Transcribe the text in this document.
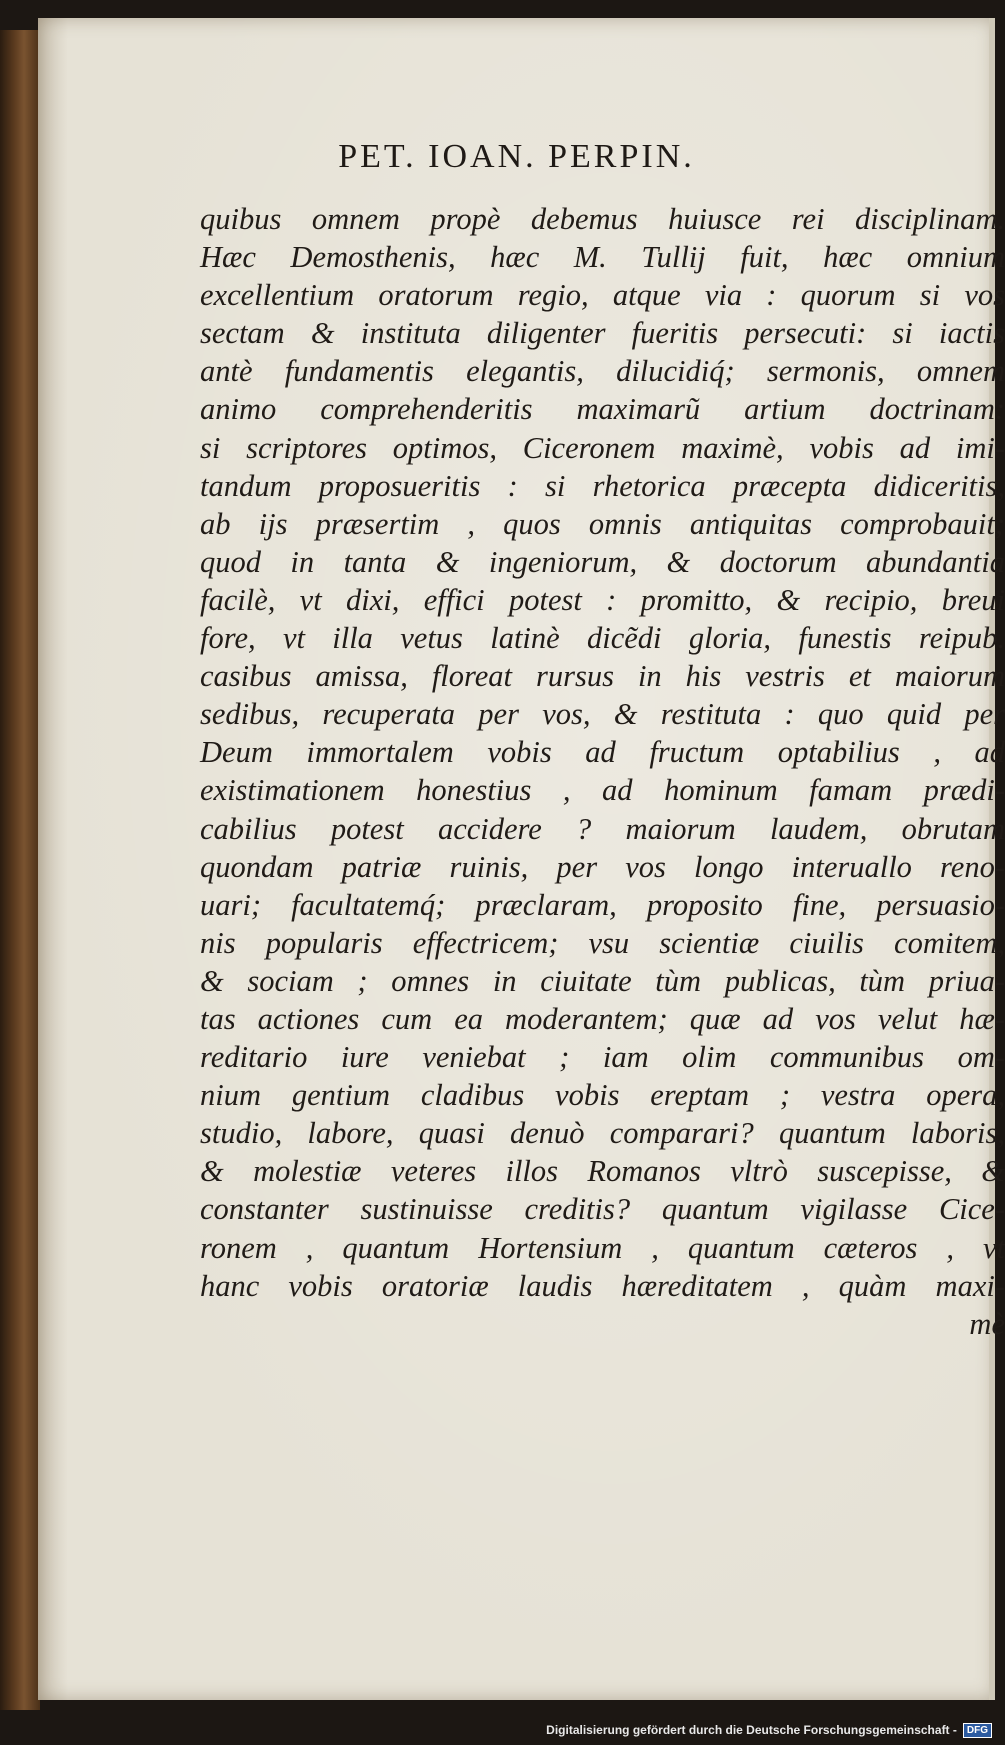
PET. IOAN. PERPIN.
quibus omnem propè debemus huiusce rei disciplinam.
Hæc Demosthenis, hæc M. Tullij fuit, hæc omnium
excellentium oratorum regio, atque via : quorum si vos
sectam & instituta diligenter fueritis persecuti: si iactis
antè fundamentis elegantis, dilucidiq́; sermonis, omnem
animo comprehenderitis maximarũ artium doctrinam:
si scriptores optimos, Ciceronem maximè, vobis ad imi-
tandum proposueritis : si rhetorica præcepta didiceritis,
ab ijs præsertim , quos omnis antiquitas comprobauit;
quod in tanta & ingeniorum, & doctorum abundantia
facilè, vt dixi, effici potest : promitto, & recipio, breui
fore, vt illa vetus latinè dicẽdi gloria, funestis reipub.
casibus amissa, floreat rursus in his vestris et maiorum
sedibus, recuperata per vos, & restituta : quo quid per
Deum immortalem vobis ad fructum optabilius , ad
existimationem honestius , ad hominum famam prædi-
cabilius potest accidere ? maiorum laudem, obrutam
quondam patriæ ruinis, per vos longo interuallo reno-
uari; facultatemq́; præclaram, proposito fine, persuasio-
nis popularis effectricem; vsu scientiæ ciuilis comitem,
& sociam ; omnes in ciuitate tùm publicas, tùm priua-
tas actiones cum ea moderantem; quæ ad vos velut hæ-
reditario iure veniebat ; iam olim communibus om-
nium gentium cladibus vobis ereptam ; vestra opera,
studio, labore, quasi denuò comparari? quantum laboris,
& molestiæ veteres illos Romanos vltrò suscepisse, &
constanter sustinuisse creditis? quantum vigilasse Cice-
ronem , quantum Hortensium , quantum cæteros , vt
hanc vobis oratoriæ laudis hæreditatem , quàm maxi-
mè
Digitalisierung gefördert durch die Deutsche Forschungsgemeinschaft -	DFG
